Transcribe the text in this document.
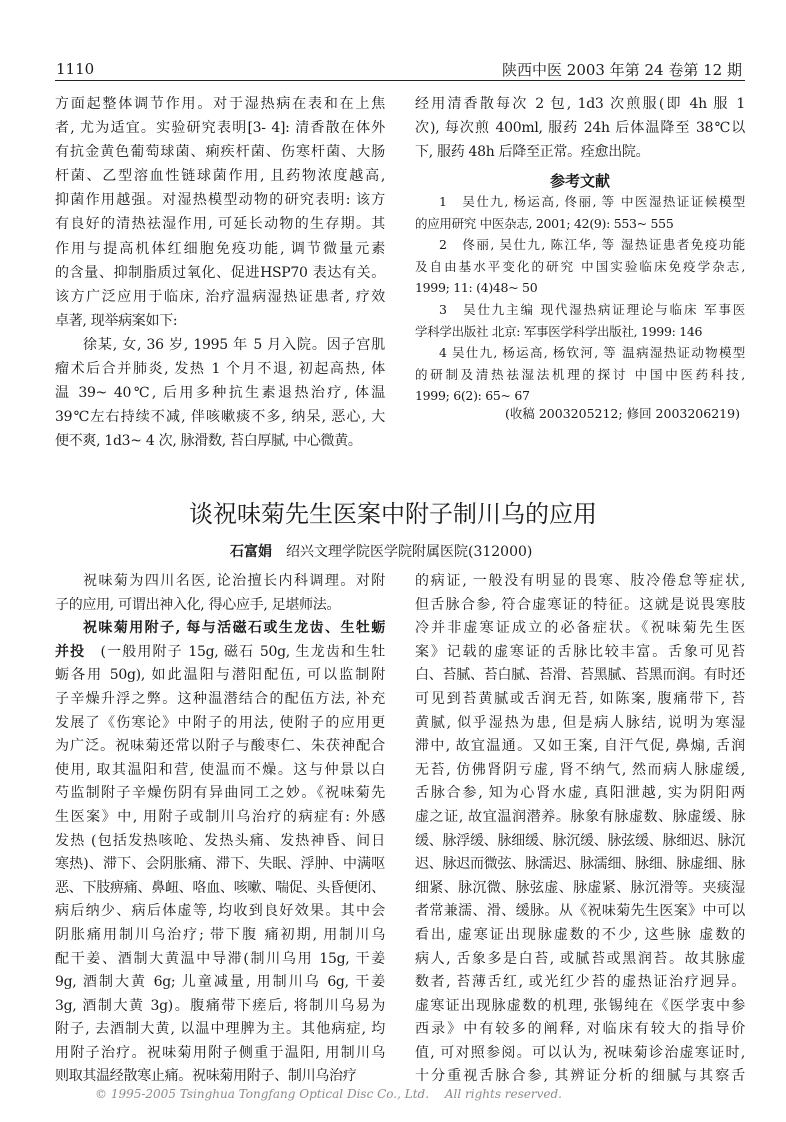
1110	陕西中医 2003 年第 24 卷第 12 期
方面起整体调节作用。对于湿热病在表和在上焦
者, 尤为适宜。实验研究表明[3- 4]: 清香散在体外
有抗金黄色葡萄球菌、痢疾杆菌、伤寒杆菌、大肠
杆菌、乙型溶血性链球菌作用, 且药物浓度越高,
抑菌作用越强。对湿热模型动物的研究表明: 该方
有良好的清热祛湿作用, 可延长动物的生存期。其
作用与提高机体红细胞免疫功能, 调节微量元素
的含量、抑制脂质过氧化、促进HSP70 表达有关。
该方广泛应用于临床, 治疗温病湿热证患者, 疗效
卓著, 现举病案如下:
徐某, 女, 36 岁, 1995 年 5 月入院。因子宫肌
瘤术后合并肺炎, 发热 1 个月不退, 初起高热, 体
温 39~ 40℃, 后用多种抗生素退热治疗, 体温
39℃左右持续不减, 伴咳嗽痰不多, 纳呆, 恶心, 大
便不爽, 1d3~ 4 次, 脉滑数, 苔白厚腻, 中心微黄。
经用清香散每次 2 包, 1d3 次煎服(即 4h 服 1
次), 每次煎 400ml, 服药 24h 后体温降至 38℃以
下, 服药 48h 后降至正常。痊愈出院。
参考文献
1　吴仕九, 杨运高, 佟丽, 等 中医湿热证证候模型
的应用研究 中医杂志, 2001; 42(9): 553~ 555
2　佟丽, 吴仕九, 陈江华, 等 湿热证患者免疫功能
及自由基水平变化的研究 中国实验临床免疫学杂志,
1999; 11: (4)48~ 50
3　吴仕九主编 现代湿热病证理论与临床 军事医
学科学出版社 北京: 军事医学科学出版社, 1999: 146
4 吴仕九, 杨运高, 杨钦河, 等 温病湿热证动物模型
的研制及清热祛湿法机理的探讨 中国中医药科技,
1999; 6(2): 65~ 67
(收稿 2003205212; 修回 2003206219)
谈祝味菊先生医案中附子制川乌的应用
石富娟 绍兴文理学院医学院附属医院(312000)
祝味菊为四川名医, 论治擅长内科调理。对附
子的应用, 可谓出神入化, 得心应手, 足堪师法。
祝味菊用附子, 每与活磁石或生龙齿、生牡蛎
并投　(一般用附子 15g, 磁石 50g, 生龙齿和生牡
蛎各用 50g), 如此温阳与潜阳配伍, 可以监制附
子辛燥升浮之弊。这种温潜结合的配伍方法, 补充
发展了《伤寒论》中附子的用法, 使附子的应用更
为广泛。祝味菊还常以附子与酸枣仁、朱茯神配合
使用, 取其温阳和营, 使温而不燥。这与仲景以白
芍监制附子辛燥伤阴有异曲同工之妙。《祝味菊先
生医案》中, 用附子或制川乌治疗的病症有: 外感
发热 (包括发热咳呛、发热头痛、发热神昏、间日
寒热)、滞下、会阴胀痛、滞下、失眠、浮肿、中满呕
恶、下肢痹痛、鼻衄、咯血、咳嗽、喘促、头昏便闭、
病后纳少、病后体虚等, 均收到良好效果。其中会
阴胀痛用制川乌治疗; 带下腹 痛初期, 用制川乌
配干姜、酒制大黄温中导滞(制川乌用 15g, 干姜
9g, 酒制大黄 6g; 儿童减量, 用制川乌 6g, 干姜
3g, 酒制大黄 3g)。腹痛带下瘥后, 将制川乌易为
附子, 去酒制大黄, 以温中理脾为主。其他病症, 均
用附子治疗。祝味菊用附子侧重于温阳, 用制川乌
则取其温经散寒止痛。祝味菊用附子、制川乌治疗
的病证, 一般没有明显的畏寒、肢冷倦怠等症状,
但舌脉合参, 符合虚寒证的特征。这就是说畏寒肢
冷并非虚寒证成立的必备症状。《祝味菊先生医
案》记载的虚寒证的舌脉比较丰富。舌象可见苔
白、苔腻、苔白腻、苔滑、苔黑腻、苔黑而润。有时还
可见到苔黄腻或舌润无苔, 如陈案, 腹痛带下, 苔
黄腻, 似乎湿热为患, 但是病人脉结, 说明为寒湿
滞中, 故宜温通。又如王案, 自汗气促, 鼻煽, 舌润
无苔, 仿佛肾阴亏虚, 肾不纳气, 然而病人脉虚缓,
舌脉合参, 知为心肾水虚, 真阳泄越, 实为阴阳两
虚之证, 故宜温润潜养。脉象有脉虚数、脉虚缓、脉
缓、脉浮缓、脉细缓、脉沉缓、脉弦缓、脉细迟、脉沉
迟、脉迟而微弦、脉濡迟、脉濡细、脉细、脉虚细、脉
细紧、脉沉微、脉弦虚、脉虚紧、脉沉滑等。夹痰湿
者常兼濡、滑、缓脉。从《祝味菊先生医案》中可以
看出, 虚寒证出现脉虚数的不少, 这些脉 虚数的
病人, 舌象多是白苔, 或腻苔或黑润苔。故其脉虚
数者, 苔薄舌红, 或光红少苔的虚热证治疗迥异。
虚寒证出现脉虚数的机理, 张锡纯在《医学衷中参
西录》中有较多的阐释, 对临床有较大的指导价
值, 可对照参阅。可以认为, 祝味菊诊治虚寒证时,
十分重视舌脉合参, 其辨证分析的细腻与其察舌
© 1995-2005 Tsinghua Tongfang Optical Disc Co., Ltd.　 All rights reserved.
